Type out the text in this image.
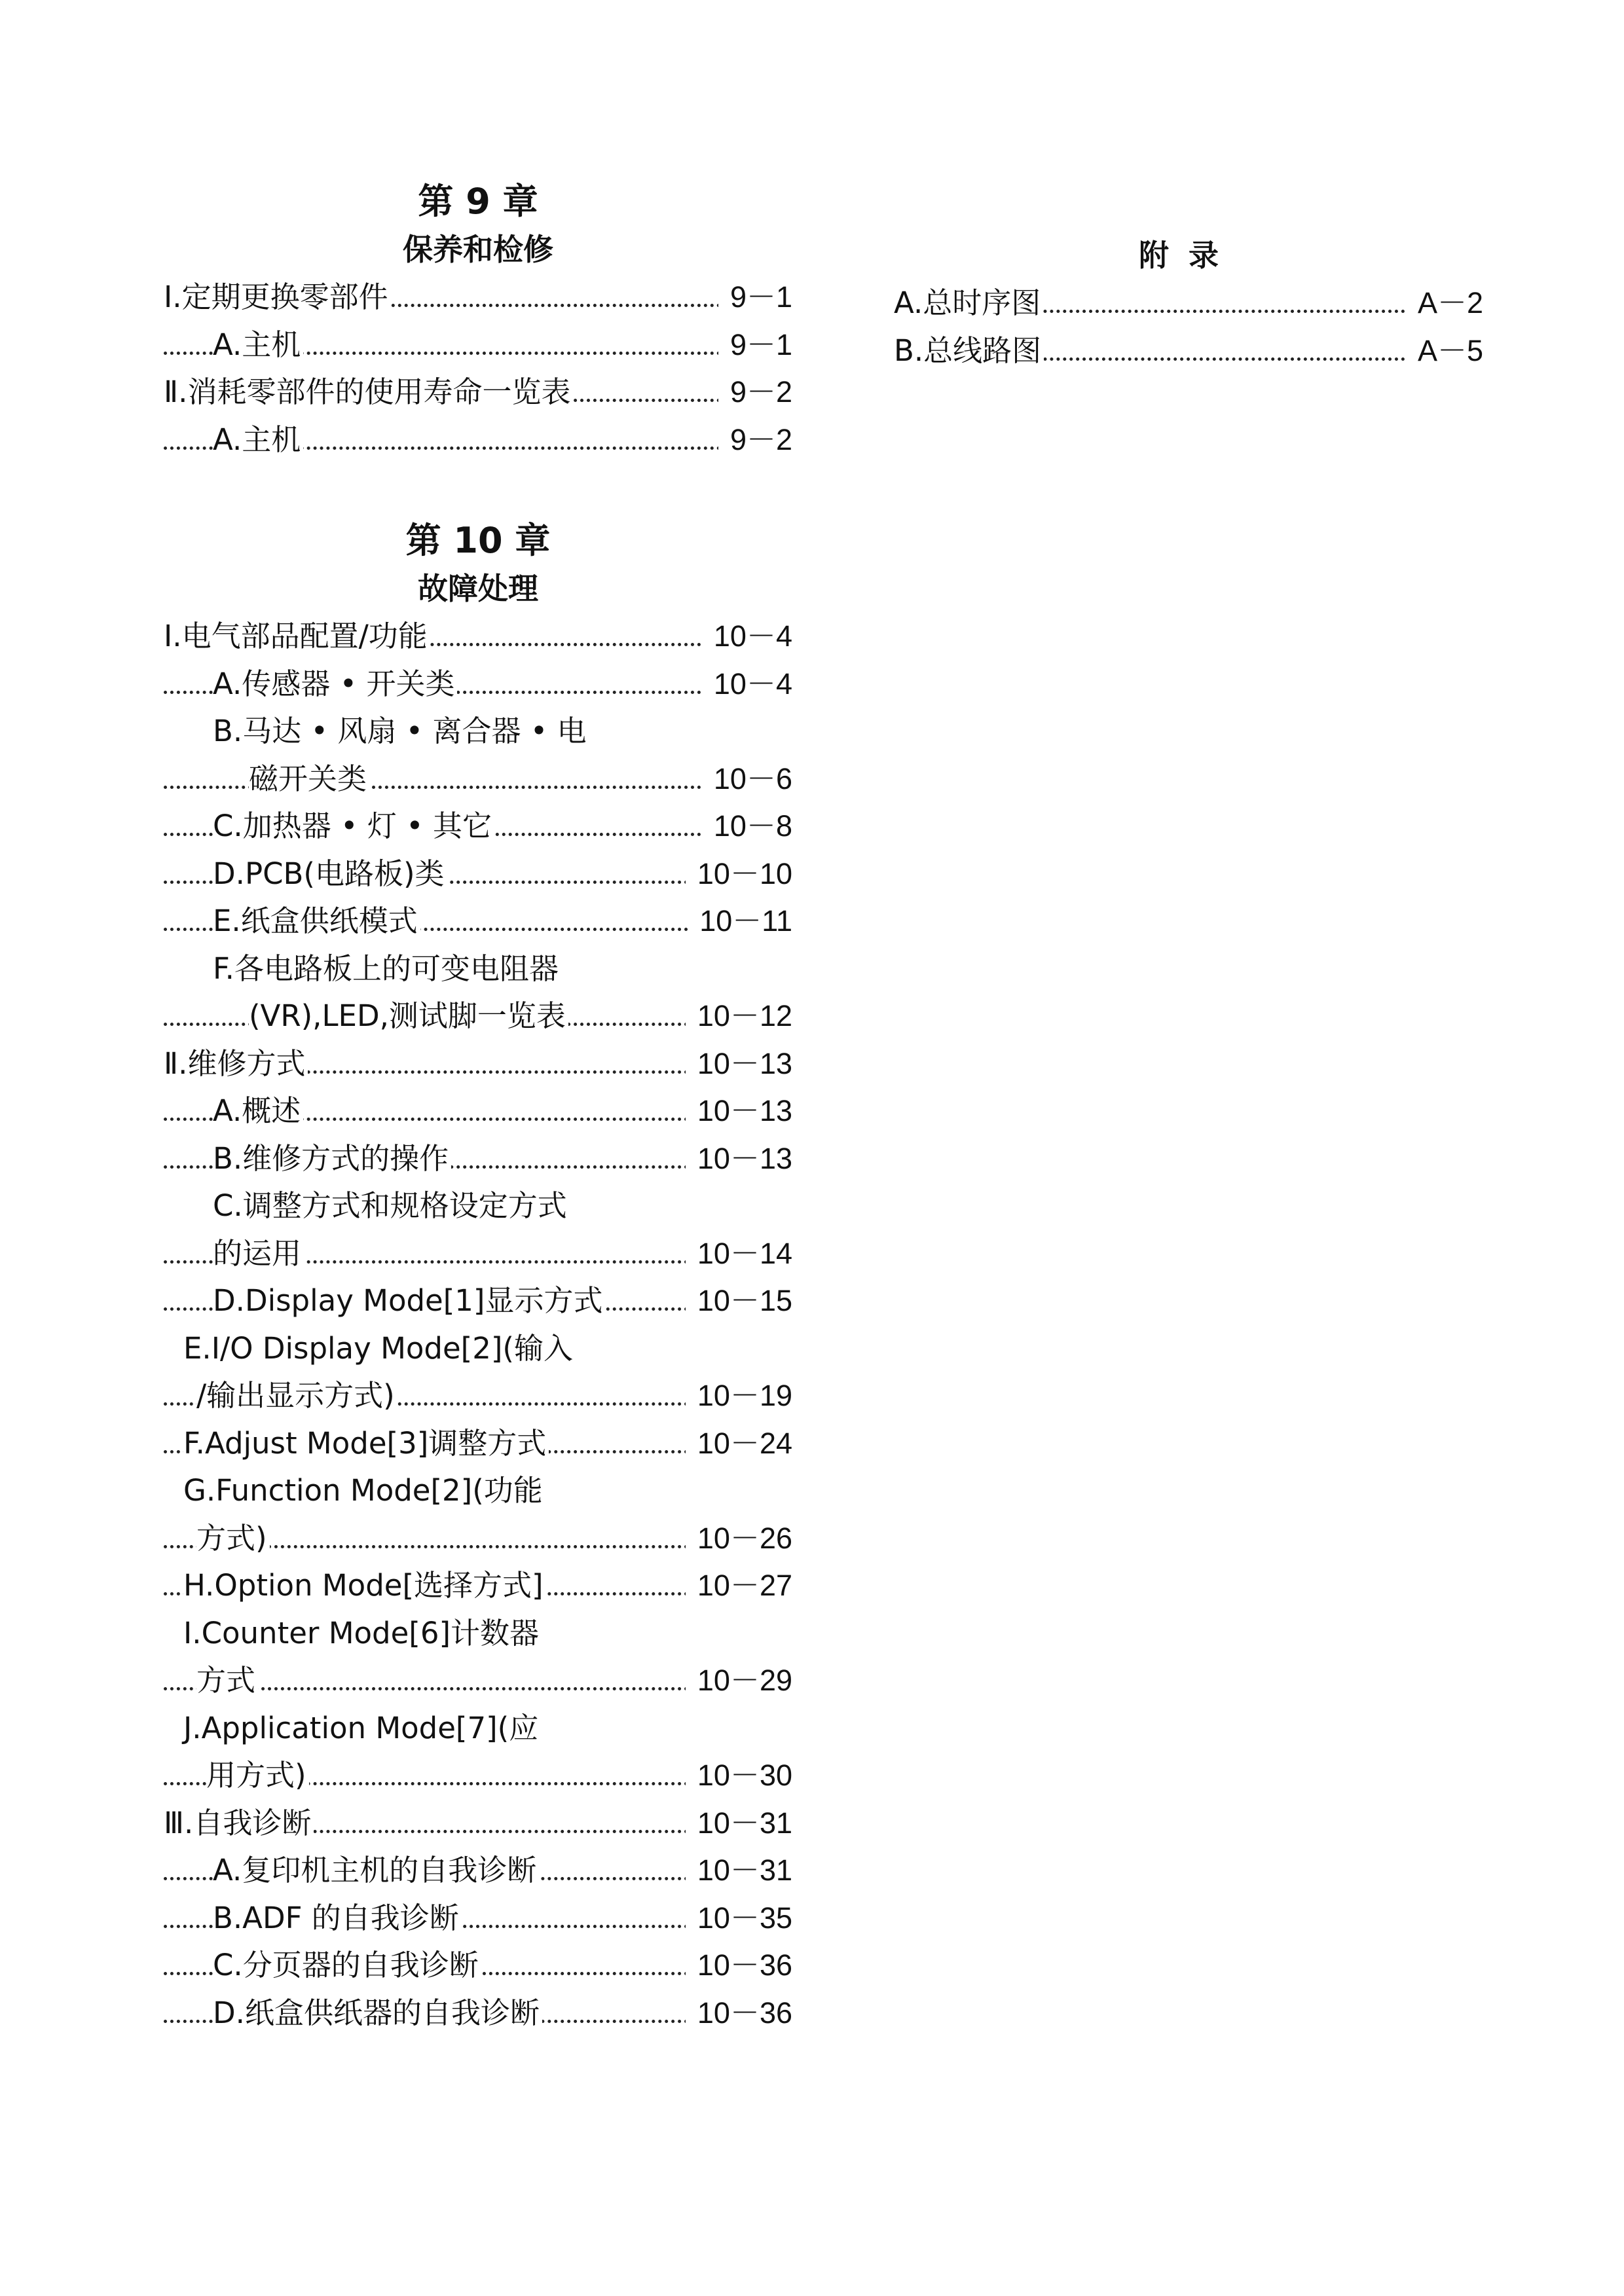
第 9 章
保养和检修
Ⅰ.定期更换零部件	9－1
A.主机	9－1
Ⅱ.消耗零部件的使用寿命一览表	9－2
A.主机	9－2
第 10 章
故障处理
Ⅰ.电气部品配置/功能	10－4
A.传感器 • 开关类	10－4
B.马达 • 风扇 • 离合器 • 电
磁开关类	10－6
C.加热器 • 灯 • 其它	10－8
D.PCB(电路板)类	10－10
E.纸盒供纸模式	10－11
F.各电路板上的可变电阻器
(VR),LED,测试脚一览表	10－12
Ⅱ.维修方式	10－13
A.概述	10－13
B.维修方式的操作	10－13
C.调整方式和规格设定方式
的运用	10－14
D.Display Mode[1]显示方式	10－15
E.I/O Display Mode[2](输入
/输出显示方式)	10－19
F.Adjust Mode[3]调整方式	10－24
G.Function Mode[2](功能
方式)	10－26
H.Option Mode[选择方式]	10－27
I.Counter Mode[6]计数器
方式	10－29
J.Application Mode[7](应
用方式)	10－30
Ⅲ.自我诊断	10－31
A.复印机主机的自我诊断	10－31
B.ADF 的自我诊断	10－35
C.分页器的自我诊断	10－36
D.纸盒供纸器的自我诊断	10－36
附录
A.总时序图	A－2
B.总线路图	A－5
